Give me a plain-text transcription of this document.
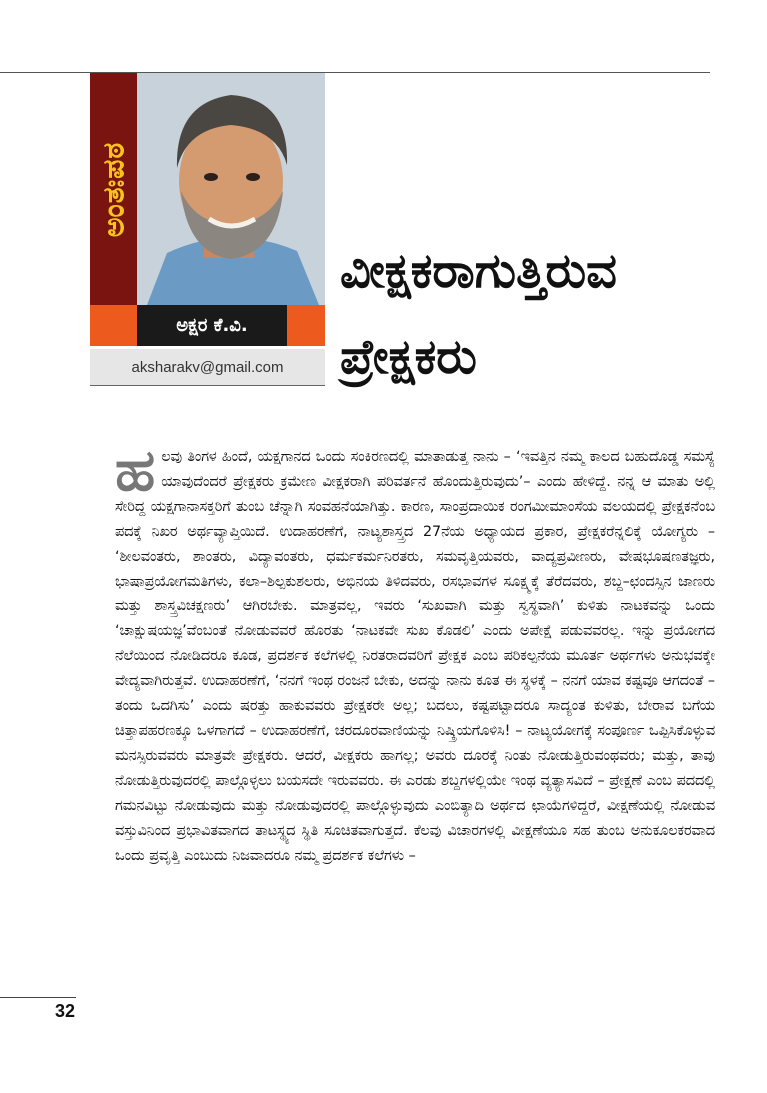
ಅಂತಃಪಠ
ಅಕ್ಷರ ಕೆ.ವಿ.
aksharakv@gmail.com
ವೀಕ್ಷಕರಾಗುತ್ತಿರುವ
ಪ್ರೇಕ್ಷಕರು
ಹಲವು ತಿಂಗಳ ಹಿಂದೆ, ಯಕ್ಷಗಾನದ ಒಂದು ಸಂಕಿರಣದಲ್ಲಿ ಮಾತಾಡುತ್ತ ನಾನು – ‘ಇವತ್ತಿನ ನಮ್ಮ ಕಾಲದ ಬಹುದೊಡ್ಡ ಸಮಸ್ಯೆ ಯಾವುದೆಂದರೆ ಪ್ರೇಕ್ಷಕರು ಕ್ರಮೇಣ ವೀಕ್ಷಕರಾಗಿ ಪರಿವರ್ತನೆ ಹೊಂದುತ್ತಿರುವುದು’– ಎಂದು ಹೇಳಿದ್ದೆ. ನನ್ನ ಆ ಮಾತು ಅಲ್ಲಿ ಸೇರಿದ್ದ ಯಕ್ಷಗಾನಾಸಕ್ತರಿಗೆ ತುಂಬ ಚೆನ್ನಾಗಿ ಸಂವಹನೆಯಾಗಿತ್ತು. ಕಾರಣ, ಸಾಂಪ್ರದಾಯಿಕ ರಂಗಮೀಮಾಂಸೆಯ ವಲಯದಲ್ಲಿ ಪ್ರೇಕ್ಷಕನೆಂಬ ಪದಕ್ಕೆ ನಿಖರ ಅರ್ಥವ್ಯಾಪ್ತಿಯಿದೆ. ಉದಾಹರಣೆಗೆ, ನಾಟ್ಯಶಾಸ್ತ್ರದ 27ನೆಯ ಅಧ್ಯಾಯದ ಪ್ರಕಾರ, ಪ್ರೇಕ್ಷಕರೆನ್ನಲಿಕ್ಕೆ ಯೋಗ್ಯರು – ‘ಶೀಲವಂತರು, ಶಾಂತರು, ವಿದ್ಯಾವಂತರು, ಧರ್ಮಕರ್ಮನಿರತರು, ಸಮವೃತ್ತಿಯವರು, ವಾದ್ಯಪ್ರವೀಣರು, ವೇಷಭೂಷಣತಜ್ಞರು, ಭಾಷಾಪ್ರಯೋಗಮತಿಗಳು, ಕಲಾ–ಶಿಲ್ಪಕುಶಲರು, ಅಭಿನಯ ತಿಳಿದವರು, ರಸಭಾವಗಳ ಸೂಕ್ಷ್ಮಕ್ಕೆ ತೆರೆದವರು, ಶಬ್ದ–ಛಂದಸ್ಸಿನ ಜಾಣರು ಮತ್ತು ಶಾಸ್ತ್ರವಿಚಕ್ಷಣರು’ ಆಗಿರಬೇಕು. ಮಾತ್ರವಲ್ಲ, ಇವರು ‘ಸುಖವಾಗಿ ಮತ್ತು ಸ್ವಸ್ಥವಾಗಿ’ ಕುಳಿತು ನಾಟಕವನ್ನು ಒಂದು ‘ಚಾಕ್ಷುಷಯಜ್ಞ’ವೆಂಬಂತೆ ನೋಡುವವರೆ ಹೊರತು ‘ನಾಟಕವೇ ಸುಖ ಕೊಡಲಿ’ ಎಂದು ಅಪೇಕ್ಷೆ ಪಡುವವರಲ್ಲ. ಇನ್ನು ಪ್ರಯೋಗದ ನೆಲೆಯಿಂದ ನೋಡಿದರೂ ಕೂಡ, ಪ್ರದರ್ಶಕ ಕಲೆಗಳಲ್ಲಿ ನಿರತರಾದವರಿಗೆ ಪ್ರೇಕ್ಷಕ ಎಂಬ ಪರಿಕಲ್ಪನೆಯ ಮೂರ್ತ ಅರ್ಥಗಳು ಅನುಭವಕ್ಕೇ ವೇದ್ಯವಾಗಿರುತ್ತವೆ. ಉದಾಹರಣೆಗೆ, ‘ನನಗೆ ಇಂಥ ರಂಜನೆ ಬೇಕು, ಅದನ್ನು ನಾನು ಕೂತ ಈ ಸ್ಥಳಕ್ಕೆ – ನನಗೆ ಯಾವ ಕಷ್ಟವೂ ಆಗದಂತೆ – ತಂದು ಒದಗಿಸು’ ಎಂದು ಷರತ್ತು ಹಾಕುವವರು ಪ್ರೇಕ್ಷಕರೇ ಅಲ್ಲ; ಬದಲು, ಕಷ್ಟಪಟ್ಟಾದರೂ ಸಾದ್ಯಂತ ಕುಳಿತು, ಬೇರಾವ ಬಗೆಯ ಚಿತ್ತಾಪಹರಣಕ್ಕೂ ಒಳಗಾಗದೆ – ಉದಾಹರಣೆಗೆ, ಚರದೂರವಾಣಿಯನ್ನು ನಿಷ್ಕ್ರಿಯಗೊಳಿಸಿ! – ನಾಟ್ಯಯೋಗಕ್ಕೆ ಸಂಪೂರ್ಣ ಒಪ್ಪಿಸಿಕೊಳ್ಳುವ ಮನಸ್ಸಿರುವವರು ಮಾತ್ರವೇ ಪ್ರೇಕ್ಷಕರು. ಆದರೆ, ವೀಕ್ಷಕರು ಹಾಗಲ್ಲ; ಅವರು ದೂರಕ್ಕೆ ನಿಂತು ನೋಡುತ್ತಿರುವಂಥವರು; ಮತ್ತು, ತಾವು ನೋಡುತ್ತಿರುವುದರಲ್ಲಿ ಪಾಲ್ಗೊಳ್ಳಲು ಬಯಸದೇ ಇರುವವರು. ಈ ಎರಡು ಶಬ್ದಗಳಲ್ಲಿಯೇ ಇಂಥ ವ್ಯತ್ಯಾಸವಿದೆ – ಪ್ರೇಕ್ಷಣೆ ಎಂಬ ಪದದಲ್ಲಿ ಗಮನವಿಟ್ಟು ನೋಡುವುದು ಮತ್ತು ನೋಡುವುದರಲ್ಲಿ ಪಾಲ್ಗೊಳ್ಳುವುದು ಎಂಬಿತ್ಯಾದಿ ಅರ್ಥದ ಛಾಯೆಗಳಿದ್ದರೆ, ವೀಕ್ಷಣೆಯಲ್ಲಿ ನೋಡುವ ವಸ್ತುವಿನಿಂದ ಪ್ರಭಾವಿತವಾಗದ ತಾಟಸ್ಥ್ಯದ ಸ್ಥಿತಿ ಸೂಚಿತವಾಗುತ್ತದೆ. ಕೆಲವು ವಿಚಾರಗಳಲ್ಲಿ ವೀಕ್ಷಣೆಯೂ ಸಹ ತುಂಬ ಅನುಕೂಲಕರವಾದ ಒಂದು ಪ್ರವೃತ್ತಿ ಎಂಬುದು ನಿಜವಾದರೂ ನಮ್ಮ ಪ್ರದರ್ಶಕ ಕಲೆಗಳು –
32
